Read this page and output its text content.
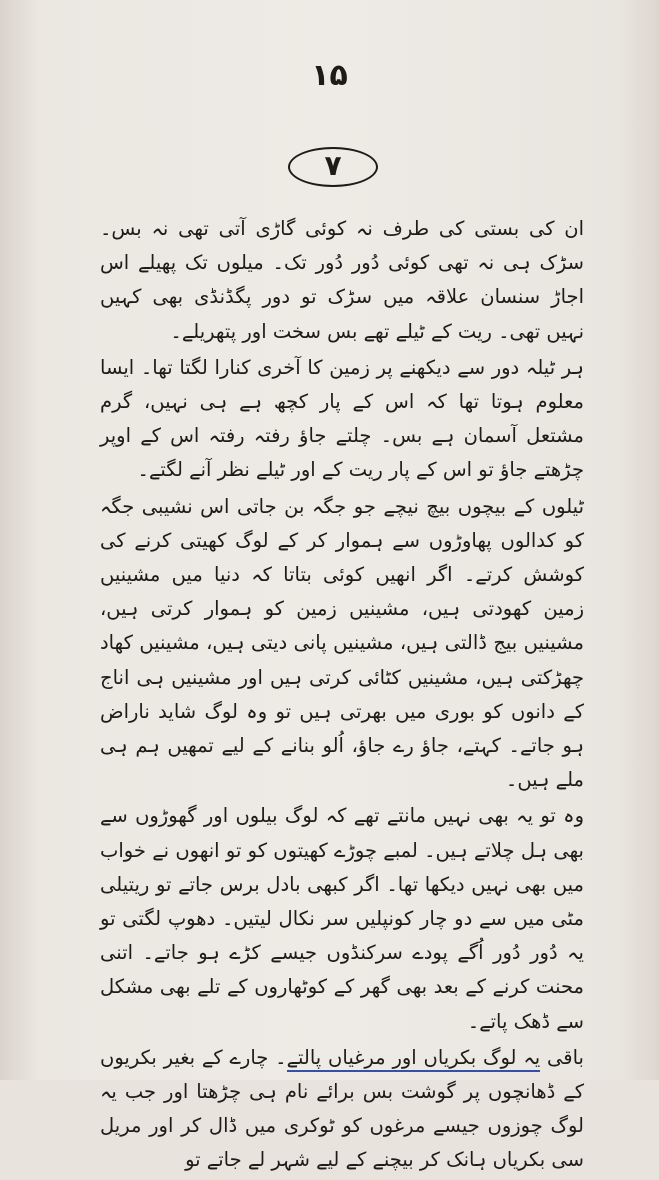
۱۵
۷

ان کی بستی کی طرف نہ کوئی گاڑی آتی تھی نہ بس۔ سڑک ہی نہ تھی کوئی دُور دُور تک۔ میلوں تک پھیلے اس اجاڑ سنسان علاقہ میں سڑک تو دور پگڈنڈی بھی کہیں نہیں تھی۔ ریت کے ٹیلے تھے بس سخت اور پتھریلے۔

ہر ٹیلہ دور سے دیکھنے پر زمین کا آخری کنارا لگتا تھا۔ ایسا معلوم ہوتا تھا کہ اس کے پار کچھ ہے ہی نہیں، گرم مشتعل آسمان ہے بس۔ چلتے جاؤ رفتہ رفتہ اس کے اوپر چڑھتے جاؤ تو اس کے پار ریت کے اور ٹیلے نظر آنے لگتے۔

ٹیلوں کے بیچوں بیچ نیچے جو جگہ بن جاتی اس نشیبی جگہ کو کدالوں پھاوڑوں سے ہموار کر کے لوگ کھیتی کرنے کی کوشش کرتے۔ اگر انھیں کوئی بتاتا کہ دنیا میں مشینیں زمین کھودتی ہیں، مشینیں زمین کو ہموار کرتی ہیں، مشینیں بیج ڈالتی ہیں، مشینیں پانی دیتی ہیں، مشینیں کھاد چھڑکتی ہیں، مشینیں کٹائی کرتی ہیں اور مشینیں ہی اناج کے دانوں کو بوری میں بھرتی ہیں تو وہ لوگ شاید ناراض ہو جاتے۔ کہتے، جاؤ رے جاؤ، اُلو بنانے کے لیے تمھیں ہم ہی ملے ہیں۔

وہ تو یہ بھی نہیں مانتے تھے کہ لوگ بیلوں اور گھوڑوں سے بھی ہل چلاتے ہیں۔ لمبے چوڑے کھیتوں کو تو انھوں نے خواب میں بھی نہیں دیکھا تھا۔ اگر کبھی بادل برس جاتے تو ریتیلی مٹی میں سے دو چار کونپلیں سر نکال لیتیں۔ دھوپ لگتی تو یہ دُور دُور اُگے پودے سرکنڈوں جیسے کڑے ہو جاتے۔ اتنی محنت کرنے کے بعد بھی گھر کے کوٹھاروں کے تلے بھی مشکل سے ڈھک پاتے۔

باقی یہ لوگ بکریاں اور مرغیاں پالتے۔ چارے کے بغیر بکریوں کے ڈھانچوں پر گوشت بس برائے نام ہی چڑھتا اور جب یہ لوگ چوزوں جیسے مرغوں کو ٹوکری میں ڈال کر اور مریل سی بکریاں ہانک کر بیچنے کے لیے شہر لے جاتے تو
